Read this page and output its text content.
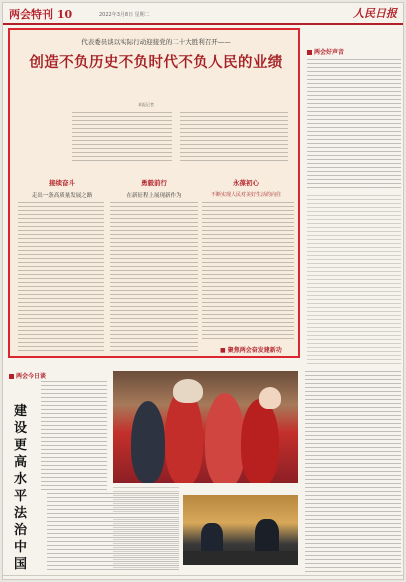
两会特刊 10	2022年3月8日 星期二	人民日报
代表委员谈以实际行动迎接党的二十大胜利召开——
创造不负历史不负时代不负人民的业绩
本报记者
接续奋斗
走出一条高质量发展之路
勇毅前行
在新征程上展现新作为
永葆初心
不断实现人民对美好生活的向往
■ 聚焦两会奋发建新功
两会好声音
两会今日谈
建设更高水平法治中国
